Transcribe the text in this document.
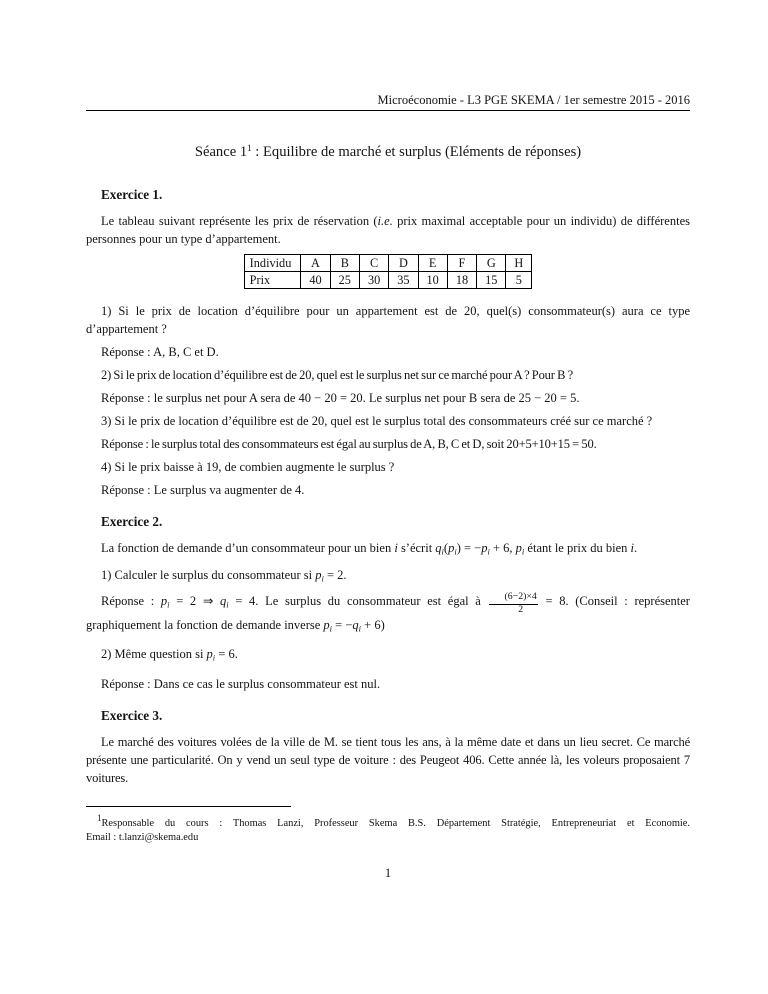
Microéconomie - L3 PGE SKEMA / 1er semestre 2015 - 2016
Séance $1^1$ : Equilibre de marché et surplus (Eléments de réponses)
Exercice 1.

Le tableau suivant représente les prix de réservation (i.e. prix maximal acceptable pour un individu) de différentes personnes pour un type d’appartement.

Individu	A	B	C	D	E	F	G	H
Prix	40	25	30	35	10	18	15	5

1) Si le prix de location d’équilibre pour un appartement est de 20, quel(s) consommateur(s) aura ce type d’appartement ?

Réponse : A, B, C et D.

2) Si le prix de location d’équilibre est de 20, quel est le surplus net sur ce marché pour A ? Pour B ?

Réponse : le surplus net pour A sera de 40 − 20 = 20. Le surplus net pour B sera de 25 − 20 = 5.

3) Si le prix de location d’équilibre est de 20, quel est le surplus total des consommateurs créé sur ce marché ?

Réponse : le surplus total des consommateurs est égal au surplus de A, B, C et D, soit 20+5+10+15 = 50.

4) Si le prix baisse à 19, de combien augmente le surplus ?

Réponse : Le surplus va augmenter de 4.

Exercice 2.

La fonction de demande d’un consommateur pour un bien i s’écrit $q_i(p_i) = -p_i + 6$, $p_i$ étant le prix du bien i.

1) Calculer le surplus du consommateur si $p_i = 2$.

Réponse : $p_i = 2$ ⇒ $q_i = 4$. Le surplus du consommateur est égal à $\frac{(6-2)\times 4}{2} = 8$. (Conseil : représenter graphiquement la fonction de demande inverse $p_i = -q_i + 6$)

2) Même question si $p_i = 6$.

Réponse : Dans ce cas le surplus consommateur est nul.

Exercice 3.

Le marché des voitures volées de la ville de M. se tient tous les ans, à la même date et dans un lieu secret. Ce marché présente une particularité. On y vend un seul type de voiture : des Peugeot 406. Cette année là, les voleurs proposaient 7 voitures.

1Responsable du cours : Thomas Lanzi, Professeur Skema B.S. Département Stratégie, Entrepreneuriat et Economie.

Email : t.lanzi@skema.edu

1
